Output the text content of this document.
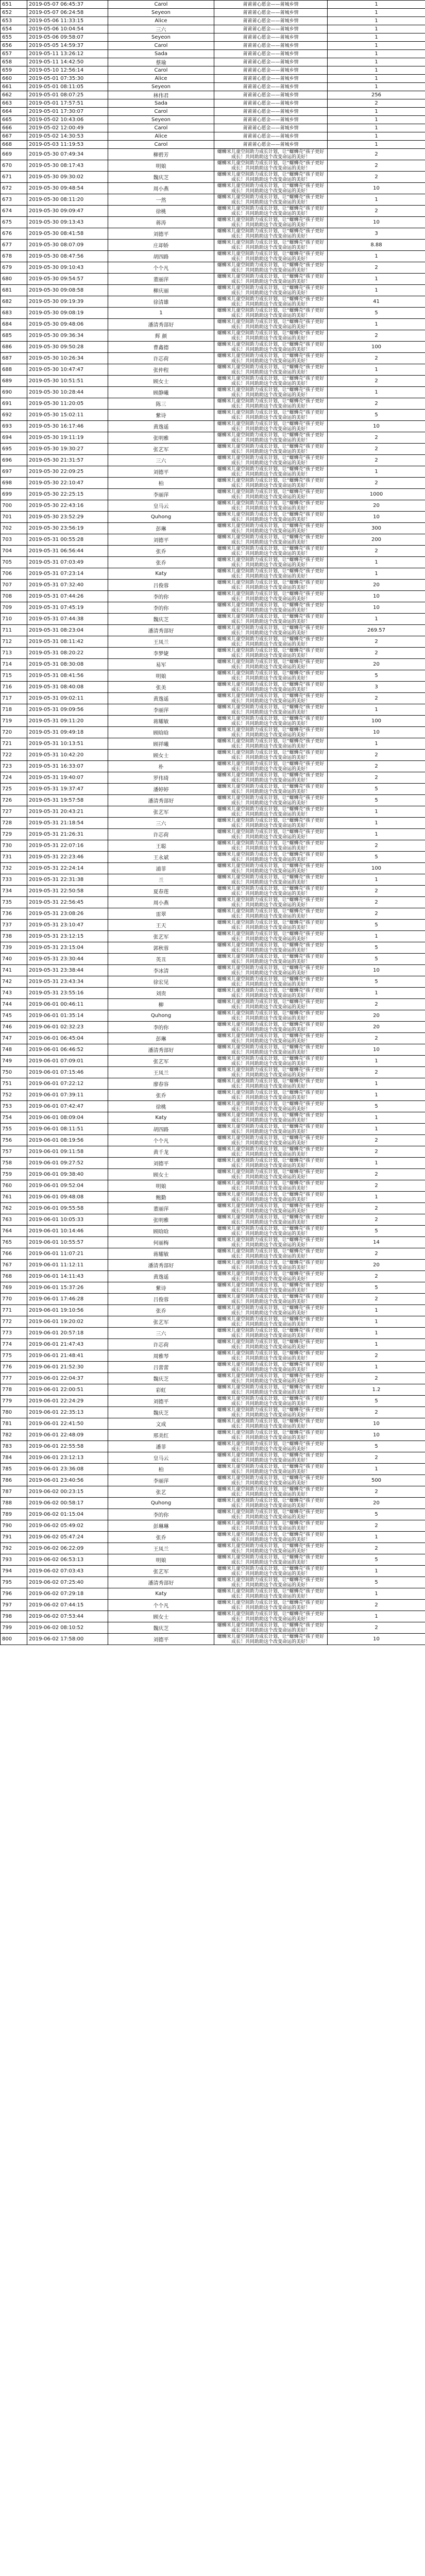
651	2019-05-07 06:45:37	Carol	莆莆莆心愿金——莆城乡情	1
652	2019-05-07 06:24:58	Seyeon	莆莆莆心愿金——莆城乡情	1
653	2019-05-06 11:33:15	Alice	莆莆莆心愿金——莆城乡情	1
654	2019-05-06 10:04:54	三六	莆莆莆心愿金——莆城乡情	1
655	2019-05-06 09:58:07	Seyeon	莆莆莆心愿金——莆城乡情	1
656	2019-05-05 14:59:37	Carol	莆莆莆心愿金——莆城乡情	1
657	2019-05-11 13:26:12	Sada	莆莆莆心愿金——莆城乡情	1
658	2019-05-11 14:42:50	蔡瑜	莆莆莆心愿金——莆城乡情	1
659	2019-05-10 12:56:14	Carol	莆莆莆心愿金——莆城乡情	1
660	2019-05-01 07:35:30	Alice	莆莆莆心愿金——莆城乡情	1
661	2019-05-01 08:11:05	Seyeon	莆莆莆心愿金——莆城乡情	1
662	2019-05-01 08:07:25	林伟君	莆莆莆心愿金——莆城乡情	256
663	2019-05-01 17:57:51	Sada	莆莆莆心愿金——莆城乡情	2
664	2019-05-01 17:30:07	Carol	莆莆莆心愿金——莆城乡情	1
665	2019-05-02 10:43:06	Seyeon	莆莆莆心愿金——莆城乡情	1
666	2019-05-02 12:00:49	Carol	莆莆莆心愿金——莆城乡情	1
667	2019-05-02 14:30:53	Alice	莆莆莆心愿金——莆城乡情	1
668	2019-05-03 11:19:53	Carol	莆莆莆心愿金——莆城乡情	1
669	2019-05-30 07:49:34	柳碧芳	螺蛳米儿童空间助力成长计划，让“螺蛳壳”孩子更好成长！共同助助这个改变命运的美好！	2
670	2019-05-30 08:17:43	明娘	螺蛳米儿童空间助力成长计划，让“螺蛳壳”孩子更好成长！共同助助这个改变命运的美好！	2
671	2019-05-30 09:30:02	魏庆芝	螺蛳米儿童空间助力成长计划，让“螺蛳壳”孩子更好成长！共同助助这个改变命运的美好！	2
672	2019-05-30 09:48:54	周小燕	螺蛳米儿童空间助力成长计划，让“螺蛳壳”孩子更好成长！共同助助这个改变命运的美好！	10
673	2019-05-30 08:11:20	一然	螺蛳米儿童空间助力成长计划，让“螺蛳壳”孩子更好成长！共同助助这个改变命运的美好！	1
674	2019-05-30 09:09:47	徐桃	螺蛳米儿童空间助力成长计划，让“螺蛳壳”孩子更好成长！共同助助这个改变命运的美好！	2
675	2019-05-30 09:13:43	蒋涛	螺蛳米儿童空间助力成长计划，让“螺蛳壳”孩子更好成长！共同助助这个改变命运的美好！	10
676	2019-05-30 08:41:58	刘德平	螺蛳米儿童空间助力成长计划，让“螺蛳壳”孩子更好成长！共同助助这个改变命运的美好！	3
677	2019-05-30 08:07:09	庄却娇	螺蛳米儿童空间助力成长计划，让“螺蛳壳”孩子更好成长！共同助助这个改变命运的美好！	8.88
678	2019-05-30 08:47:56	胡四路	螺蛳米儿童空间助力成长计划，让“螺蛳壳”孩子更好成长！共同助助这个改变命运的美好！	1
679	2019-05-30 09:10:43	个个凡	螺蛳米儿童空间助力成长计划，让“螺蛳壳”孩子更好成长！共同助助这个改变命运的美好！	2
680	2019-05-30 09:54:57	董丽萍	螺蛳米儿童空间助力成长计划，让“螺蛳壳”孩子更好成长！共同助助这个改变命运的美好！	1
681	2019-05-30 09:08:58	柳庆丽	螺蛳米儿童空间助力成长计划，让“螺蛳壳”孩子更好成长！共同助助这个改变命运的美好！	1
682	2019-05-30 09:19:39	徐清雄	螺蛳米儿童空间助力成长计划，让“螺蛳壳”孩子更好成长！共同助助这个改变命运的美好！	41
683	2019-05-30 09:08:19	1	螺蛳米儿童空间助力成长计划，让“螺蛳壳”孩子更好成长！共同助助这个改变命运的美好！	5
684	2019-05-30 09:48:06	潘清秀部好	螺蛳米儿童空间助力成长计划，让“螺蛳壳”孩子更好成长！共同助助这个改变命运的美好！	1
685	2019-05-30 09:36:34	辉 颜	螺蛳米儿童空间助力成长计划，让“螺蛳壳”孩子更好成长！共同助助这个改变命运的美好！	2
686	2019-05-30 09:50:28	曹鑫德	螺蛳米儿童空间助力成长计划，让“螺蛳壳”孩子更好成长！共同助助这个改变命运的美好！	100
687	2019-05-30 10:26:34	许芯荷	螺蛳米儿童空间助力成长计划，让“螺蛳壳”孩子更好成长！共同助助这个改变命运的美好！	2
688	2019-05-30 10:47:47	张仲程	螺蛳米儿童空间助力成长计划，让“螺蛳壳”孩子更好成长！共同助助这个改变命运的美好！	1
689	2019-05-30 10:51:51	顾女士	螺蛳米儿童空间助力成长计划，让“螺蛳壳”孩子更好成长！共同助助这个改变命运的美好！	2
690	2019-05-30 10:28:44	顾静曦	螺蛳米儿童空间助力成长计划，让“螺蛳壳”孩子更好成长！共同助助这个改变命运的美好！	1
691	2019-05-30 11:20:05	陈三	螺蛳米儿童空间助力成长计划，让“螺蛳壳”孩子更好成长！共同助助这个改变命运的美好！	2
692	2019-05-30 15:02:11	紫诗	螺蛳米儿童空间助力成长计划，让“螺蛳壳”孩子更好成长！共同助助这个改变命运的美好！	5
693	2019-05-30 16:17:46	黄逸遥	螺蛳米儿童空间助力成长计划，让“螺蛳壳”孩子更好成长！共同助助这个改变命运的美好！	10
694	2019-05-30 19:11:19	张明雅	螺蛳米儿童空间助力成长计划，让“螺蛳壳”孩子更好成长！共同助助这个改变命运的美好！	2
695	2019-05-30 19:30:27	张艺军	螺蛳米儿童空间助力成长计划，让“螺蛳壳”孩子更好成长！共同助助这个改变命运的美好！	2
696	2019-05-30 21:31:57	三六	螺蛳米儿童空间助力成长计划，让“螺蛳壳”孩子更好成长！共同助助这个改变命运的美好！	2
697	2019-05-30 22:09:25	刘德平	螺蛳米儿童空间助力成长计划，让“螺蛳壳”孩子更好成长！共同助助这个改变命运的美好！	1
698	2019-05-30 22:10:47	柏	螺蛳米儿童空间助力成长计划，让“螺蛳壳”孩子更好成长！共同助助这个改变命运的美好！	2
699	2019-05-30 22:25:15	李丽萍	螺蛳米儿童空间助力成长计划，让“螺蛳壳”孩子更好成长！共同助助这个改变命运的美好！	1000
700	2019-05-30 22:43:16	皇马云	螺蛳米儿童空间助力成长计划，让“螺蛳壳”孩子更好成长！共同助助这个改变命运的美好！	20
701	2019-05-30 23:52:29	Quhong	螺蛳米儿童空间助力成长计划，让“螺蛳壳”孩子更好成长！共同助助这个改变命运的美好！	10
702	2019-05-30 23:56:19	彭琳	螺蛳米儿童空间助力成长计划，让“螺蛳壳”孩子更好成长！共同助助这个改变命运的美好！	300
703	2019-05-31 00:55:28	刘德平	螺蛳米儿童空间助力成长计划，让“螺蛳壳”孩子更好成长！共同助助这个改变命运的美好！	200
704	2019-05-31 06:56:44	张乔	螺蛳米儿童空间助力成长计划，让“螺蛳壳”孩子更好成长！共同助助这个改变命运的美好！	2
705	2019-05-31 07:03:49	张乔	螺蛳米儿童空间助力成长计划，让“螺蛳壳”孩子更好成长！共同助助这个改变命运的美好！	1
706	2019-05-31 07:23:14	Katy	螺蛳米儿童空间助力成长计划，让“螺蛳壳”孩子更好成长！共同助助这个改变命运的美好！	1
707	2019-05-31 07:32:40	吕俊蓉	螺蛳米儿童空间助力成长计划，让“螺蛳壳”孩子更好成长！共同助助这个改变命运的美好！	20
708	2019-05-31 07:44:26	李的你	螺蛳米儿童空间助力成长计划，让“螺蛳壳”孩子更好成长！共同助助这个改变命运的美好！	10
709	2019-05-31 07:45:19	李的你	螺蛳米儿童空间助力成长计划，让“螺蛳壳”孩子更好成长！共同助助这个改变命运的美好！	10
710	2019-05-31 07:44:38	魏庆芝	螺蛳米儿童空间助力成长计划，让“螺蛳壳”孩子更好成长！共同助助这个改变命运的美好！	1
711	2019-05-31 08:23:04	潘清秀部好	螺蛳米儿童空间助力成长计划，让“螺蛳壳”孩子更好成长！共同助助这个改变命运的美好！	269.57
712	2019-05-31 08:11:42	王凤兰	螺蛳米儿童空间助力成长计划，让“螺蛳壳”孩子更好成长！共同助助这个改变命运的美好！	2
713	2019-05-31 08:20:22	李梦婕	螺蛳米儿童空间助力成长计划，让“螺蛳壳”孩子更好成长！共同助助这个改变命运的美好！	2
714	2019-05-31 08:30:08	易军	螺蛳米儿童空间助力成长计划，让“螺蛳壳”孩子更好成长！共同助助这个改变命运的美好！	20
715	2019-05-31 08:41:56	明娘	螺蛳米儿童空间助力成长计划，让“螺蛳壳”孩子更好成长！共同助助这个改变命运的美好！	5
716	2019-05-31 08:40:08	张美	螺蛳米儿童空间助力成长计划，让“螺蛳壳”孩子更好成长！共同助助这个改变命运的美好！	3
717	2019-05-31 09:02:11	黄逸遥	螺蛳米儿童空间助力成长计划，让“螺蛳壳”孩子更好成长！共同助助这个改变命运的美好！	2
718	2019-05-31 09:09:56	李丽萍	螺蛳米儿童空间助力成长计划，让“螺蛳壳”孩子更好成长！共同助助这个改变命运的美好！	1
719	2019-05-31 09:11:20	蒋耀敏	螺蛳米儿童空间助力成长计划，让“螺蛳壳”孩子更好成长！共同助助这个改变命运的美好！	100
720	2019-05-31 09:49:18	顾晗晗	螺蛳米儿童空间助力成长计划，让“螺蛳壳”孩子更好成长！共同助助这个改变命运的美好！	10
721	2019-05-31 10:13:51	顾祥曦	螺蛳米儿童空间助力成长计划，让“螺蛳壳”孩子更好成长！共同助助这个改变命运的美好！	1
722	2019-05-31 10:42:20	顾女士	螺蛳米儿童空间助力成长计划，让“螺蛳壳”孩子更好成长！共同助助这个改变命运的美好！	2
723	2019-05-31 16:33:07	朴	螺蛳米儿童空间助力成长计划，让“螺蛳壳”孩子更好成长！共同助助这个改变命运的美好！	2
724	2019-05-31 19:40:07	罗伟琦	螺蛳米儿童空间助力成长计划，让“螺蛳壳”孩子更好成长！共同助助这个改变命运的美好！	2
725	2019-05-31 19:37:47	潘婷婷	螺蛳米儿童空间助力成长计划，让“螺蛳壳”孩子更好成长！共同助助这个改变命运的美好！	5
726	2019-05-31 19:57:58	潘清秀部好	螺蛳米儿童空间助力成长计划，让“螺蛳壳”孩子更好成长！共同助助这个改变命运的美好！	5
727	2019-05-31 20:43:21	张艺军	螺蛳米儿童空间助力成长计划，让“螺蛳壳”孩子更好成长！共同助助这个改变命运的美好！	1
728	2019-05-31 21:18:54	三六	螺蛳米儿童空间助力成长计划，让“螺蛳壳”孩子更好成长！共同助助这个改变命运的美好！	1
729	2019-05-31 21:26:31	许芯荷	螺蛳米儿童空间助力成长计划，让“螺蛳壳”孩子更好成长！共同助助这个改变命运的美好！	1
730	2019-05-31 22:07:16	王聪	螺蛳米儿童空间助力成长计划，让“螺蛳壳”孩子更好成长！共同助助这个改变命运的美好！	2
731	2019-05-31 22:23:46	王永斌	螺蛳米儿童空间助力成长计划，让“螺蛳壳”孩子更好成长！共同助助这个改变命运的美好！	5
732	2019-05-31 22:24:14	浦菲	螺蛳米儿童空间助力成长计划，让“螺蛳壳”孩子更好成长！共同助助这个改变命运的美好！	100
733	2019-05-31 22:31:38	兰	螺蛳米儿童空间助力成长计划，让“螺蛳壳”孩子更好成长！共同助助这个改变命运的美好！	1
734	2019-05-31 22:50:58	夏春莲	螺蛳米儿童空间助力成长计划，让“螺蛳壳”孩子更好成长！共同助助这个改变命运的美好！	2
735	2019-05-31 22:56:45	周小燕	螺蛳米儿童空间助力成长计划，让“螺蛳壳”孩子更好成长！共同助助这个改变命运的美好！	2
736	2019-05-31 23:08:26	雷翠	螺蛳米儿童空间助力成长计划，让“螺蛳壳”孩子更好成长！共同助助这个改变命运的美好！	2
737	2019-05-31 23:10:47	王天	螺蛳米儿童空间助力成长计划，让“螺蛳壳”孩子更好成长！共同助助这个改变命运的美好！	5
738	2019-05-31 23:12:15	张艺军	螺蛳米儿童空间助力成长计划，让“螺蛳壳”孩子更好成长！共同助助这个改变命运的美好！	1
739	2019-05-31 23:15:04	郭秋蓉	螺蛳米儿童空间助力成长计划，让“螺蛳壳”孩子更好成长！共同助助这个改变命运的美好！	5
740	2019-05-31 23:30:44	英丑	螺蛳米儿童空间助力成长计划，让“螺蛳壳”孩子更好成长！共同助助这个改变命运的美好！	5
741	2019-05-31 23:38:44	李冰清	螺蛳米儿童空间助力成长计划，让“螺蛳壳”孩子更好成长！共同助助这个改变命运的美好！	10
742	2019-05-31 23:43:34	徐宏见	螺蛳米儿童空间助力成长计划，让“螺蛳壳”孩子更好成长！共同助助这个改变命运的美好！	5
743	2019-05-31 23:55:16	刘贵	螺蛳米儿童空间助力成长计划，让“螺蛳壳”孩子更好成长！共同助助这个改变命运的美好！	1
744	2019-06-01 00:46:11	柳	螺蛳米儿童空间助力成长计划，让“螺蛳壳”孩子更好成长！共同助助这个改变命运的美好！	2
745	2019-06-01 01:35:14	Quhong	螺蛳米儿童空间助力成长计划，让“螺蛳壳”孩子更好成长！共同助助这个改变命运的美好！	20
746	2019-06-01 02:32:23	李的你	螺蛳米儿童空间助力成长计划，让“螺蛳壳”孩子更好成长！共同助助这个改变命运的美好！	20
747	2019-06-01 06:45:04	彭琳	螺蛳米儿童空间助力成长计划，让“螺蛳壳”孩子更好成长！共同助助这个改变命运的美好！	2
748	2019-06-01 06:46:52	潘清秀部好	螺蛳米儿童空间助力成长计划，让“螺蛳壳”孩子更好成长！共同助助这个改变命运的美好！	10
749	2019-06-01 07:09:01	张艺军	螺蛳米儿童空间助力成长计划，让“螺蛳壳”孩子更好成长！共同助助这个改变命运的美好！	1
750	2019-06-01 07:15:46	王凤兰	螺蛳米儿童空间助力成长计划，让“螺蛳壳”孩子更好成长！共同助助这个改变命运的美好！	2
751	2019-06-01 07:22:12	廖春容	螺蛳米儿童空间助力成长计划，让“螺蛳壳”孩子更好成长！共同助助这个改变命运的美好！	1
752	2019-06-01 07:39:11	张乔	螺蛳米儿童空间助力成长计划，让“螺蛳壳”孩子更好成长！共同助助这个改变命运的美好！	1
753	2019-06-01 07:42:47	徐桃	螺蛳米儿童空间助力成长计划，让“螺蛳壳”孩子更好成长！共同助助这个改变命运的美好！	5
754	2019-06-01 08:09:04	Katy	螺蛳米儿童空间助力成长计划，让“螺蛳壳”孩子更好成长！共同助助这个改变命运的美好！	1
755	2019-06-01 08:11:51	胡四路	螺蛳米儿童空间助力成长计划，让“螺蛳壳”孩子更好成长！共同助助这个改变命运的美好！	1
756	2019-06-01 08:19:56	个个凡	螺蛳米儿童空间助力成长计划，让“螺蛳壳”孩子更好成长！共同助助这个改变命运的美好！	2
757	2019-06-01 09:11:58	黄千龙	螺蛳米儿童空间助力成长计划，让“螺蛳壳”孩子更好成长！共同助助这个改变命运的美好！	2
758	2019-06-01 09:27:52	刘德平	螺蛳米儿童空间助力成长计划，让“螺蛳壳”孩子更好成长！共同助助这个改变命运的美好！	1
759	2019-06-01 09:38:40	顾女士	螺蛳米儿童空间助力成长计划，让“螺蛳壳”孩子更好成长！共同助助这个改变命运的美好！	2
760	2019-06-01 09:52:04	明娘	螺蛳米儿童空间助力成长计划，让“螺蛳壳”孩子更好成长！共同助助这个改变命运的美好！	2
761	2019-06-01 09:48:08	鲍勤	螺蛳米儿童空间助力成长计划，让“螺蛳壳”孩子更好成长！共同助助这个改变命运的美好！	1
762	2019-06-01 09:55:58	董丽萍	螺蛳米儿童空间助力成长计划，让“螺蛳壳”孩子更好成长！共同助助这个改变命运的美好！	2
763	2019-06-01 10:05:33	张明雅	螺蛳米儿童空间助力成长计划，让“螺蛳壳”孩子更好成长！共同助助这个改变命运的美好！	2
764	2019-06-01 10:14:46	顾晗晗	螺蛳米儿童空间助力成长计划，让“螺蛳壳”孩子更好成长！共同助助这个改变命运的美好！	5
765	2019-06-01 10:55:57	何丽梅	螺蛳米儿童空间助力成长计划，让“螺蛳壳”孩子更好成长！共同助助这个改变命运的美好！	14
766	2019-06-01 11:07:21	蒋耀敏	螺蛳米儿童空间助力成长计划，让“螺蛳壳”孩子更好成长！共同助助这个改变命运的美好！	2
767	2019-06-01 11:12:11	潘清秀部好	螺蛳米儿童空间助力成长计划，让“螺蛳壳”孩子更好成长！共同助助这个改变命运的美好！	20
768	2019-06-01 14:11:43	黄逸遥	螺蛳米儿童空间助力成长计划，让“螺蛳壳”孩子更好成长！共同助助这个改变命运的美好！	2
769	2019-06-01 15:37:26	紫诗	螺蛳米儿童空间助力成长计划，让“螺蛳壳”孩子更好成长！共同助助这个改变命运的美好！	5
770	2019-06-01 17:46:28	吕俊蓉	螺蛳米儿童空间助力成长计划，让“螺蛳壳”孩子更好成长！共同助助这个改变命运的美好！	2
771	2019-06-01 19:10:56	张乔	螺蛳米儿童空间助力成长计划，让“螺蛳壳”孩子更好成长！共同助助这个改变命运的美好！	1
772	2019-06-01 19:20:02	张艺军	螺蛳米儿童空间助力成长计划，让“螺蛳壳”孩子更好成长！共同助助这个改变命运的美好！	1
773	2019-06-01 20:57:18	三六	螺蛳米儿童空间助力成长计划，让“螺蛳壳”孩子更好成长！共同助助这个改变命运的美好！	1
774	2019-06-01 21:47:43	许芯荷	螺蛳米儿童空间助力成长计划，让“螺蛳壳”孩子更好成长！共同助助这个改变命运的美好！	1
775	2019-06-01 21:48:41	周雅琴	螺蛳米儿童空间助力成长计划，让“螺蛳壳”孩子更好成长！共同助助这个改变命运的美好！	2
776	2019-06-01 21:52:30	吕蕾蕾	螺蛳米儿童空间助力成长计划，让“螺蛳壳”孩子更好成长！共同助助这个改变命运的美好！	1
777	2019-06-01 22:04:37	魏庆芝	螺蛳米儿童空间助力成长计划，让“螺蛳壳”孩子更好成长！共同助助这个改变命运的美好！	2
778	2019-06-01 22:00:51	彩虹	螺蛳米儿童空间助力成长计划，让“螺蛳壳”孩子更好成长！共同助助这个改变命运的美好！	1.2
779	2019-06-01 22:24:29	刘德平	螺蛳米儿童空间助力成长计划，让“螺蛳壳”孩子更好成长！共同助助这个改变命运的美好！	5
780	2019-06-01 22:35:13	魏庆芝	螺蛳米儿童空间助力成长计划，让“螺蛳壳”孩子更好成长！共同助助这个改变命运的美好！	2
781	2019-06-01 22:41:50	文成	螺蛳米儿童空间助力成长计划，让“螺蛳壳”孩子更好成长！共同助助这个改变命运的美好！	10
782	2019-06-01 22:48:09	邢美红	螺蛳米儿童空间助力成长计划，让“螺蛳壳”孩子更好成长！共同助助这个改变命运的美好！	10
783	2019-06-01 22:55:58	潘菲	螺蛳米儿童空间助力成长计划，让“螺蛳壳”孩子更好成长！共同助助这个改变命运的美好！	5
784	2019-06-01 23:12:13	皇马云	螺蛳米儿童空间助力成长计划，让“螺蛳壳”孩子更好成长！共同助助这个改变命运的美好！	2
785	2019-06-01 23:36:08	柏	螺蛳米儿童空间助力成长计划，让“螺蛳壳”孩子更好成长！共同助助这个改变命运的美好！	1
786	2019-06-01 23:40:56	李丽萍	螺蛳米儿童空间助力成长计划，让“螺蛳壳”孩子更好成长！共同助助这个改变命运的美好！	500
787	2019-06-02 00:23:15	张艺	螺蛳米儿童空间助力成长计划，让“螺蛳壳”孩子更好成长！共同助助这个改变命运的美好！	2
788	2019-06-02 00:58:17	Quhong	螺蛳米儿童空间助力成长计划，让“螺蛳壳”孩子更好成长！共同助助这个改变命运的美好！	20
789	2019-06-02 01:15:04	李的你	螺蛳米儿童空间助力成长计划，让“螺蛳壳”孩子更好成长！共同助助这个改变命运的美好！	5
790	2019-06-02 05:49:02	彭琳琳	螺蛳米儿童空间助力成长计划，让“螺蛳壳”孩子更好成长！共同助助这个改变命运的美好！	2
791	2019-06-02 05:47:24	张乔	螺蛳米儿童空间助力成长计划，让“螺蛳壳”孩子更好成长！共同助助这个改变命运的美好！	1
792	2019-06-02 06:22:09	王凤兰	螺蛳米儿童空间助力成长计划，让“螺蛳壳”孩子更好成长！共同助助这个改变命运的美好！	2
793	2019-06-02 06:53:13	明娘	螺蛳米儿童空间助力成长计划，让“螺蛳壳”孩子更好成长！共同助助这个改变命运的美好！	5
794	2019-06-02 07:03:43	张艺军	螺蛳米儿童空间助力成长计划，让“螺蛳壳”孩子更好成长！共同助助这个改变命运的美好！	1
795	2019-06-02 07:25:40	潘清秀部好	螺蛳米儿童空间助力成长计划，让“螺蛳壳”孩子更好成长！共同助助这个改变命运的美好！	5
796	2019-06-02 07:29:18	Katy	螺蛳米儿童空间助力成长计划，让“螺蛳壳”孩子更好成长！共同助助这个改变命运的美好！	1
797	2019-06-02 07:44:15	个个凡	螺蛳米儿童空间助力成长计划，让“螺蛳壳”孩子更好成长！共同助助这个改变命运的美好！	2
798	2019-06-02 07:53:44	顾女士	螺蛳米儿童空间助力成长计划，让“螺蛳壳”孩子更好成长！共同助助这个改变命运的美好！	1
799	2019-06-02 08:10:52	魏庆芝	螺蛳米儿童空间助力成长计划，让“螺蛳壳”孩子更好成长！共同助助这个改变命运的美好！	2
800	2019-06-02 17:58:00	刘德平	螺蛳米儿童空间助力成长计划，让“螺蛳壳”孩子更好成长！共同助助这个改变命运的美好！	10
